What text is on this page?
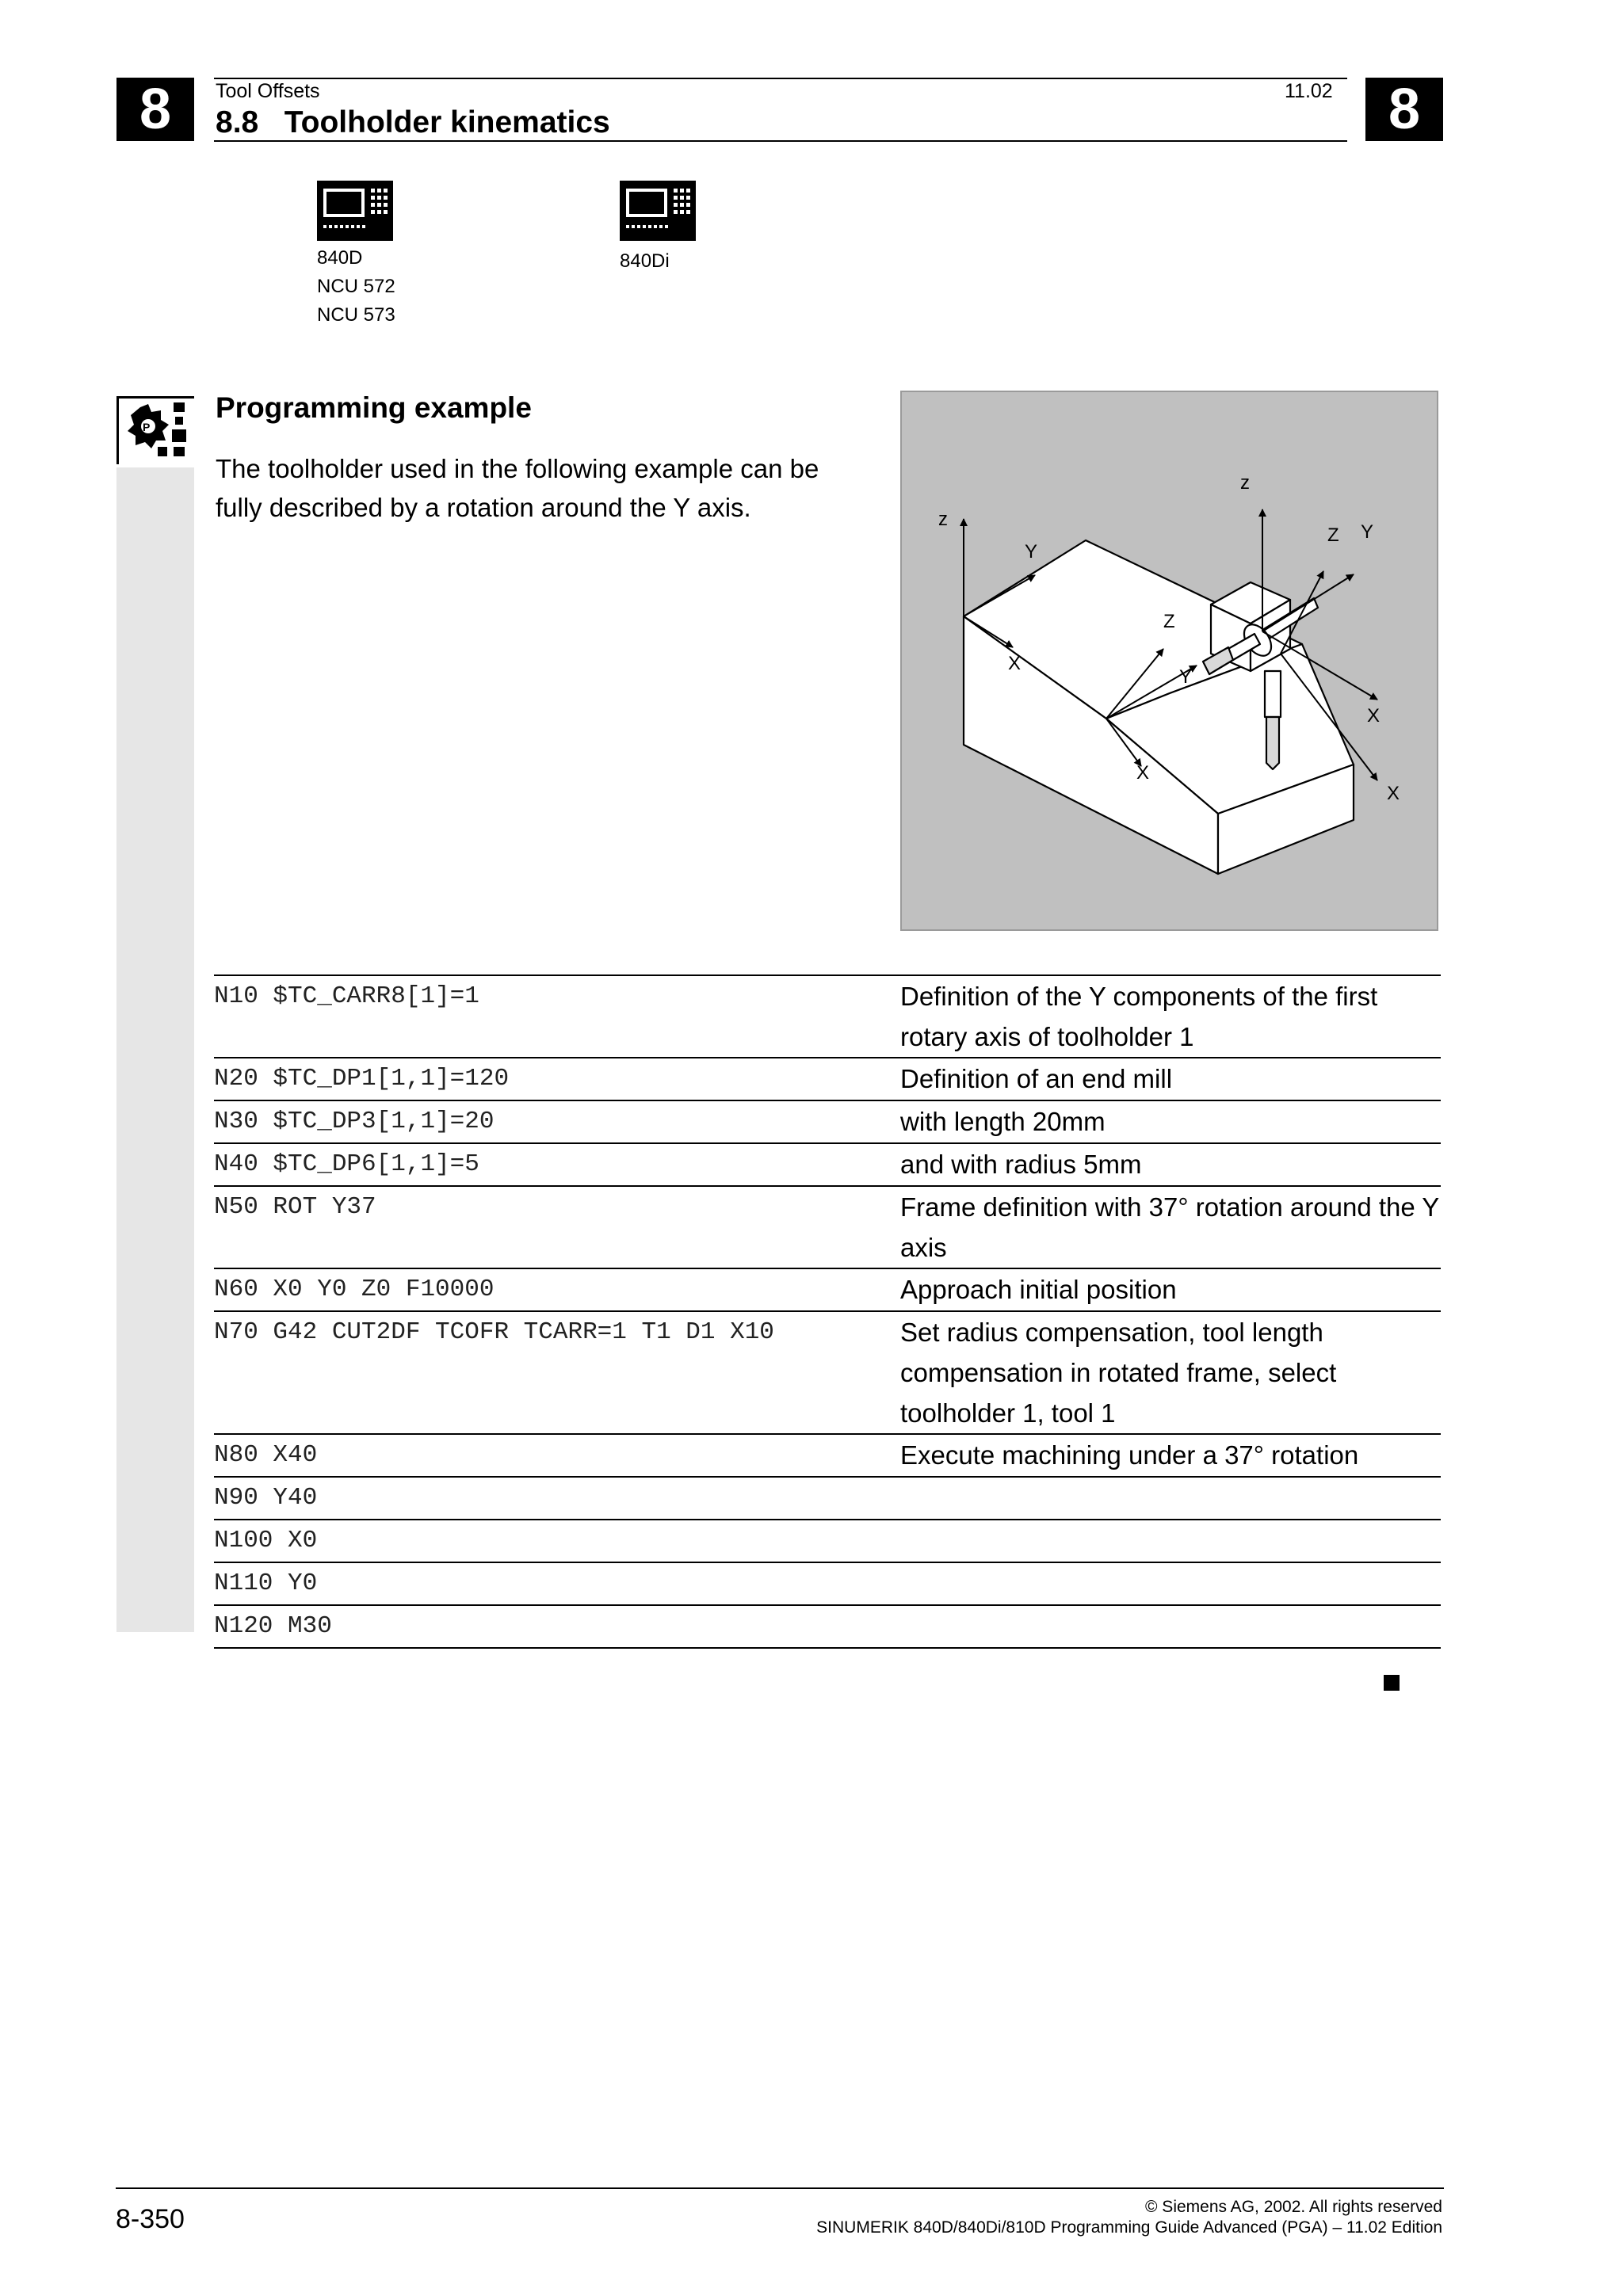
8	8
Tool Offsets	11.02
8.8   Toolholder kinematics
840D
NCU 572
NCU 573
840Di
P
Programming example
The toolholder used in the following example can be fully described by a rotation around the Y axis.	z
Y
X
Z
Y
X
z
Z Y
X
X
N10 $TC_CARR8[1]=1	Definition of the Y components of the first rotary axis of toolholder 1
N20 $TC_DP1[1,1]=120	Definition of an end mill
N30 $TC_DP3[1,1]=20	with length 20mm
N40 $TC_DP6[1,1]=5	and with radius 5mm
N50 ROT Y37	Frame definition with 37° rotation around the Y axis
N60 X0 Y0 Z0 F10000	Approach initial position
N70 G42 CUT2DF TCOFR TCARR=1 T1 D1 X10	Set radius compensation, tool length compensation in rotated frame, select toolholder 1, tool 1
N80 X40	Execute machining under a 37° rotation
N90 Y40
N100 X0
N110 Y0
N120 M30
8-350	© Siemens AG, 2002. All rights reserved
SINUMERIK 840D/840Di/810D Programming Guide Advanced (PGA) – 11.02 Edition
